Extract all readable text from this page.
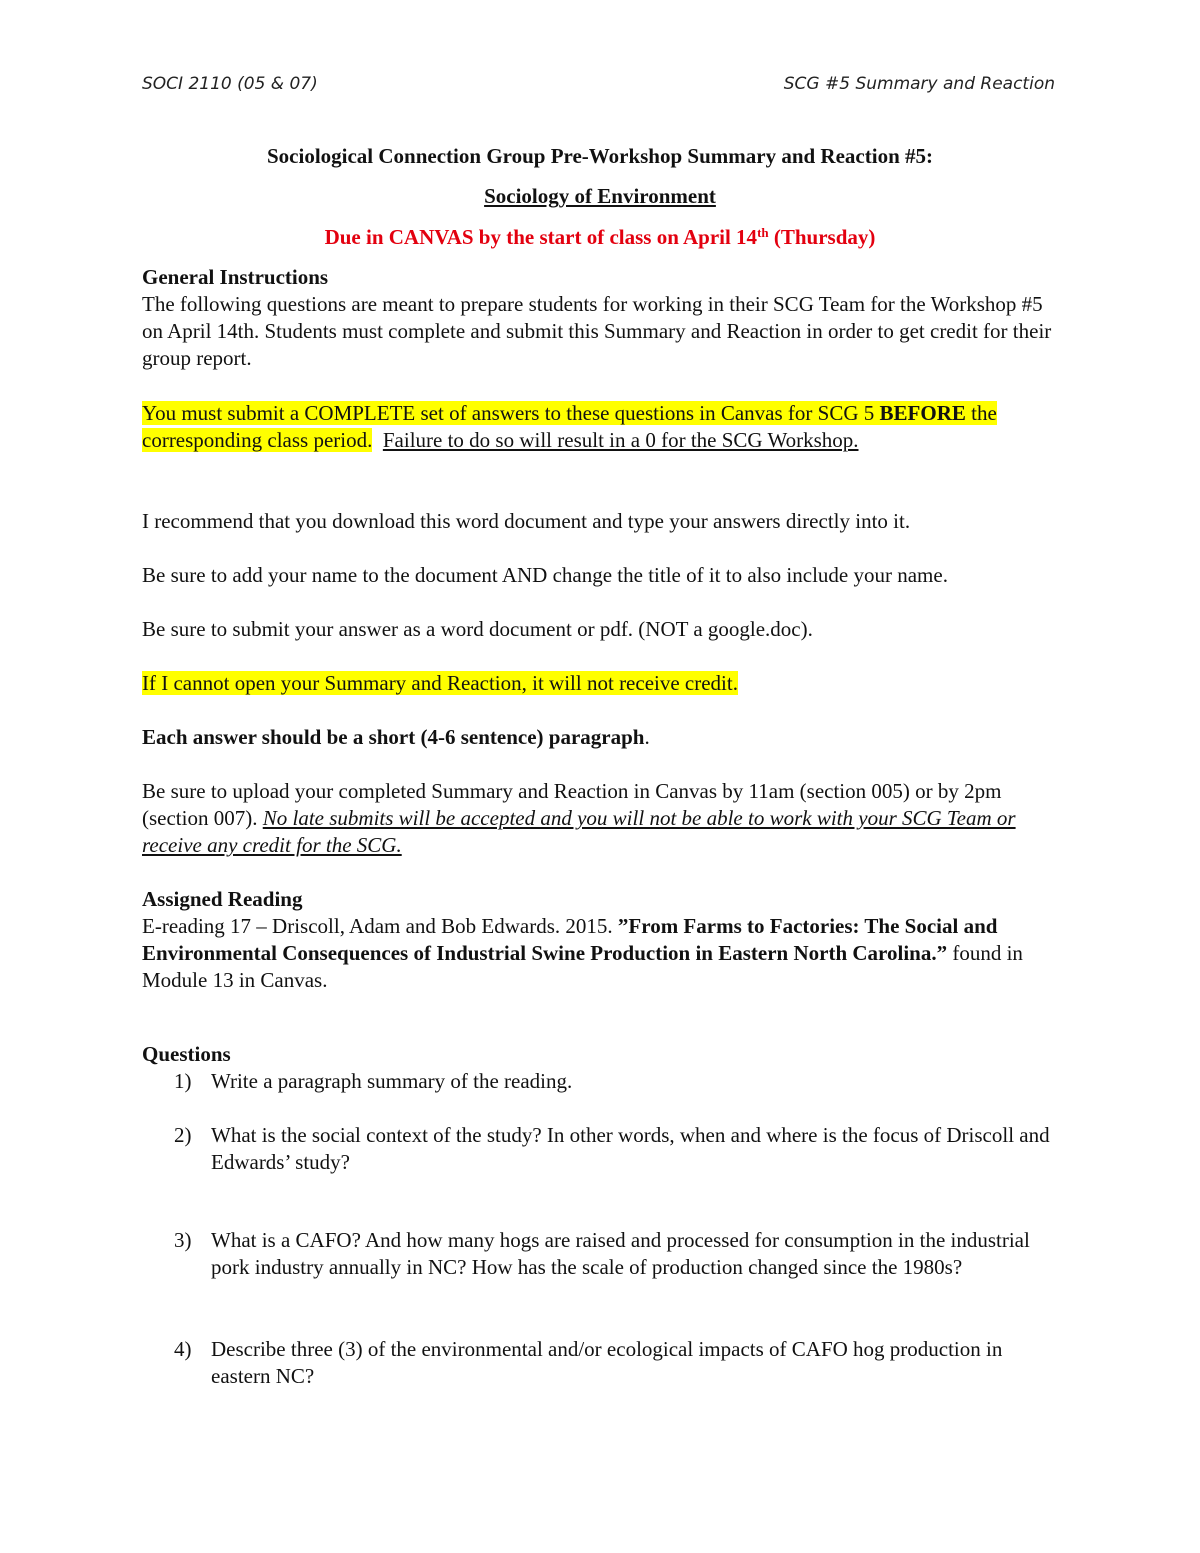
SOCI 2110 (05 & 07)	SCG #5 Summary and Reaction
Sociological Connection Group Pre-Workshop Summary and Reaction #5:
Sociology of Environment
Due in CANVAS by the start of class on April 14th (Thursday)

General Instructions

The following questions are meant to prepare students for working in their SCG Team for the Workshop #5 on April 14th. Students must complete and submit this Summary and Reaction in order to get credit for their group report.

You must submit a COMPLETE set of answers to these questions in Canvas for SCG 5 BEFORE the corresponding class period. Failure to do so will result in a 0 for the SCG Workshop.

I recommend that you download this word document and type your answers directly into it.
Be sure to add your name to the document AND change the title of it to also include your name.
Be sure to submit your answer as a word document or pdf. (NOT a google.doc).
If I cannot open your Summary and Reaction, it will not receive credit.
Each answer should be a short (4-6 sentence) paragraph.

Be sure to upload your completed Summary and Reaction in Canvas by 11am (section 005) or by 2pm (section 007). No late submits will be accepted and you will not be able to work with your SCG Team or receive any credit for the SCG.

Assigned Reading

E-reading 17 – Driscoll, Adam and Bob Edwards. 2015. ”From Farms to Factories: The Social and Environmental Consequences of Industrial Swine Production in Eastern North Carolina.” found in Module 13 in Canvas.

Questions
1) Write a paragraph summary of the reading.
2) What is the social context of the study? In other words, when and where is the focus of Driscoll and Edwards’ study?
3) What is a CAFO? And how many hogs are raised and processed for consumption in the industrial pork industry annually in NC? How has the scale of production changed since the 1980s?
4) Describe three (3) of the environmental and/or ecological impacts of CAFO hog production in eastern NC?
